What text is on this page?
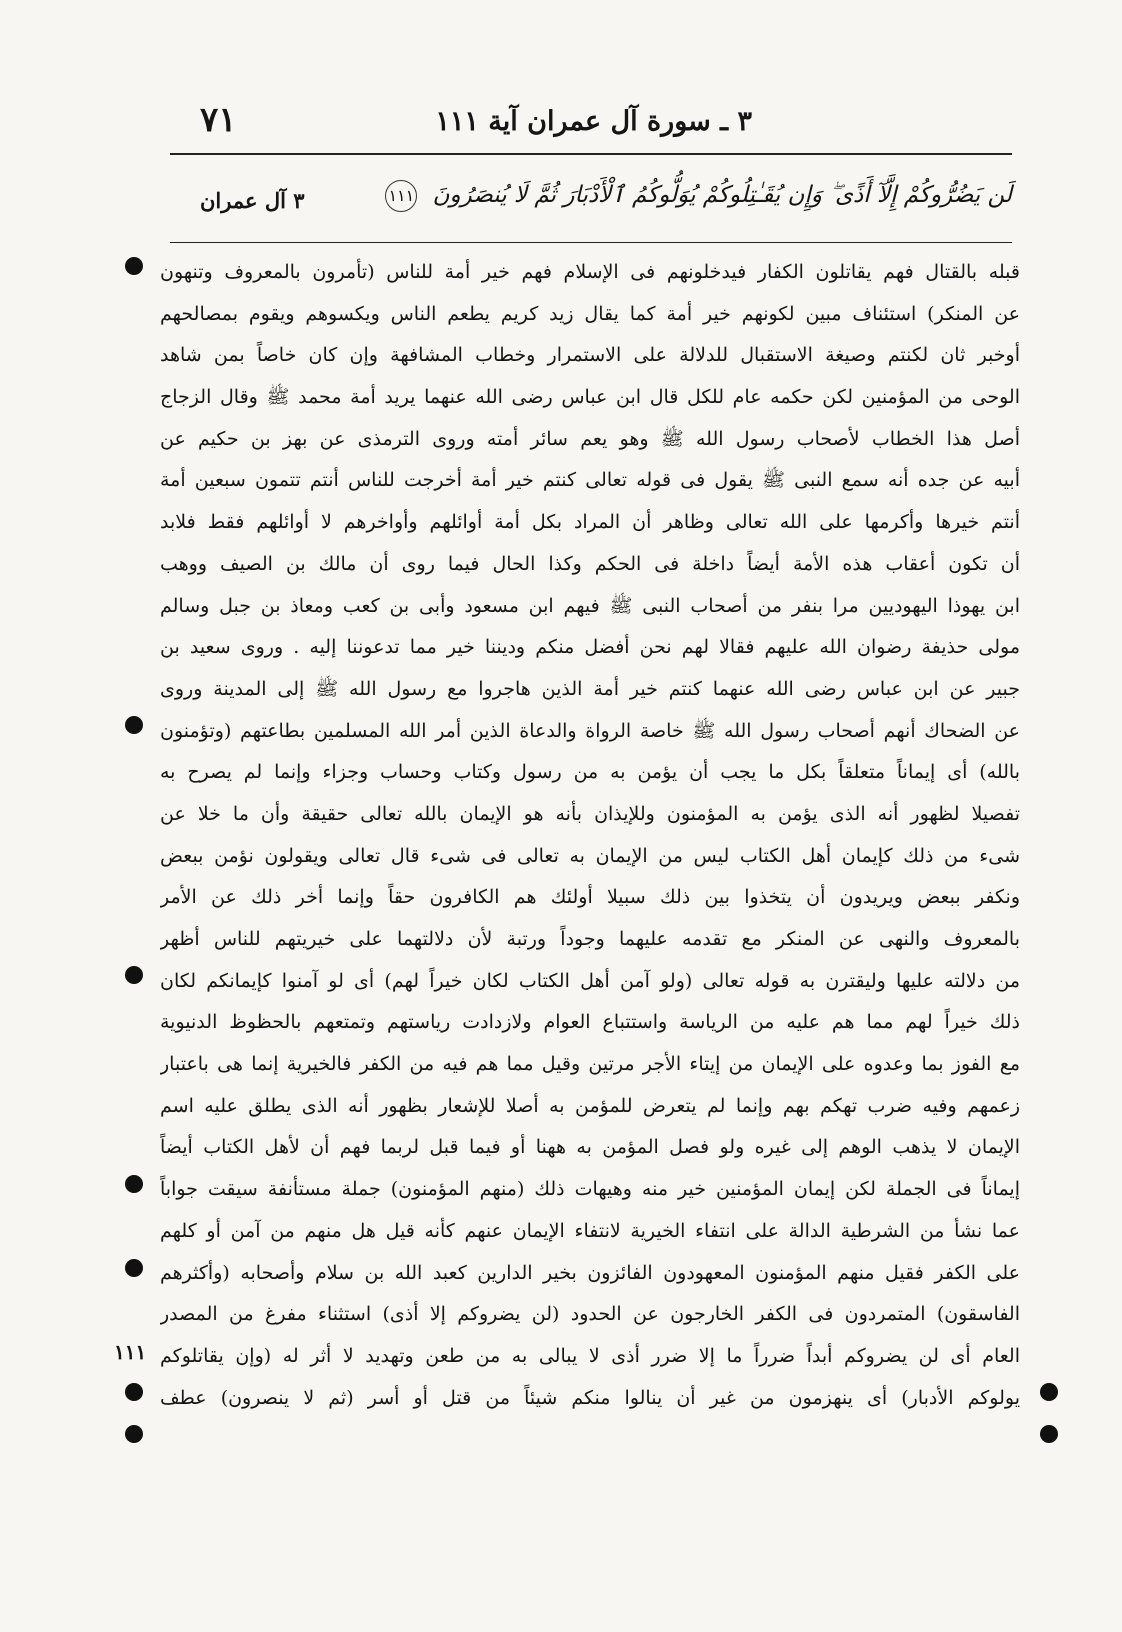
٣ ـ سورة آل عمران آية ١١١
٧١
لَن يَضُرُّوكُمْ إِلَّآ أَذًى ۖ وَإِن يُقَـٰتِلُوكُمْ يُوَلُّوكُمُ ٱلْأَدْبَارَ ثُمَّ لَا يُنصَرُونَ ١١١
٣ آل عمران
قبله بالقتال فهم يقاتلون الكفار فيدخلونهم فى الإسلام فهم خير أمة للناس (تأمرون بالمعروف وتنهون
عن المنكر) استئناف مبين لكونهم خير أمة كما يقال زيد كريم يطعم الناس ويكسوهم ويقوم بمصالحهم
أوخبر ثان لكنتم وصيغة الاستقبال للدلالة على الاستمرار وخطاب المشافهة وإن كان خاصاً بمن شاهد
الوحى من المؤمنين لكن حكمه عام للكل قال ابن عباس رضى الله عنهما يريد أمة محمد ﷺ وقال الزجاج
أصل هذا الخطاب لأصحاب رسول الله ﷺ وهو يعم سائر أمته وروى الترمذى عن بهز بن حكيم عن
أبيه عن جده أنه سمع النبى ﷺ يقول فى قوله تعالى كنتم خير أمة أخرجت للناس أنتم تتمون سبعين أمة
أنتم خيرها وأكرمها على الله تعالى وظاهر أن المراد بكل أمة أوائلهم وأواخرهم لا أوائلهم فقط فلابد
أن تكون أعقاب هذه الأمة أيضاً داخلة فى الحكم وكذا الحال فيما روى أن مالك بن الصيف ووهب
ابن يهوذا اليهوديين مرا بنفر من أصحاب النبى ﷺ فيهم ابن مسعود وأبى بن كعب ومعاذ بن جبل وسالم
مولى حذيفة رضوان الله عليهم فقالا لهم نحن أفضل منكم وديننا خير مما تدعوننا إليه . وروى سعيد بن
جبير عن ابن عباس رضى الله عنهما كنتم خير أمة الذين هاجروا مع رسول الله ﷺ إلى المدينة وروى
عن الضحاك أنهم أصحاب رسول الله ﷺ خاصة الرواة والدعاة الذين أمر الله المسلمين بطاعتهم (وتؤمنون
بالله) أى إيماناً متعلقاً بكل ما يجب أن يؤمن به من رسول وكتاب وحساب وجزاء وإنما لم يصرح به
تفصيلا لظهور أنه الذى يؤمن به المؤمنون وللإيذان بأنه هو الإيمان بالله تعالى حقيقة وأن ما خلا عن
شىء من ذلك كإيمان أهل الكتاب ليس من الإيمان به تعالى فى شىء قال تعالى ويقولون نؤمن ببعض
ونكفر ببعض ويريدون أن يتخذوا بين ذلك سبيلا أولئك هم الكافرون حقاً وإنما أخر ذلك عن الأمر
بالمعروف والنهى عن المنكر مع تقدمه عليهما وجوداً ورتبة لأن دلالتهما على خيريتهم للناس أظهر
من دلالته عليها وليقترن به قوله تعالى (ولو آمن أهل الكتاب لكان خيراً لهم) أى لو آمنوا كإيمانكم لكان
ذلك خيراً لهم مما هم عليه من الرياسة واستتباع العوام ولازدادت رياستهم وتمتعهم بالحظوظ الدنيوية
مع الفوز بما وعدوه على الإيمان من إيتاء الأجر مرتين وقيل مما هم فيه من الكفر فالخيرية إنما هى باعتبار
زعمهم وفيه ضرب تهكم بهم وإنما لم يتعرض للمؤمن به أصلا للإشعار بظهور أنه الذى يطلق عليه اسم
الإيمان لا يذهب الوهم إلى غيره ولو فصل المؤمن به ههنا أو فيما قبل لربما فهم أن لأهل الكتاب أيضاً
إيماناً فى الجملة لكن إيمان المؤمنين خير منه وهيهات ذلك (منهم المؤمنون) جملة مستأنفة سيقت جواباً
عما نشأ من الشرطية الدالة على انتفاء الخيرية لانتفاء الإيمان عنهم كأنه قيل هل منهم من آمن أو كلهم
على الكفر فقيل منهم المؤمنون المعهودون الفائزون بخير الدارين كعبد الله بن سلام وأصحابه (وأكثرهم
الفاسقون) المتمردون فى الكفر الخارجون عن الحدود (لن يضروكم إلا أذى) استثناء مفرغ من المصدر
العام أى لن يضروكم أبداً ضرراً ما إلا ضرر أذى لا يبالى به من طعن وتهديد لا أثر له (وإن يقاتلوكم
يولوكم الأدبار) أى ينهزمون من غير أن ينالوا منكم شيئاً من قتل أو أسر (ثم لا ينصرون) عطف
١١١
